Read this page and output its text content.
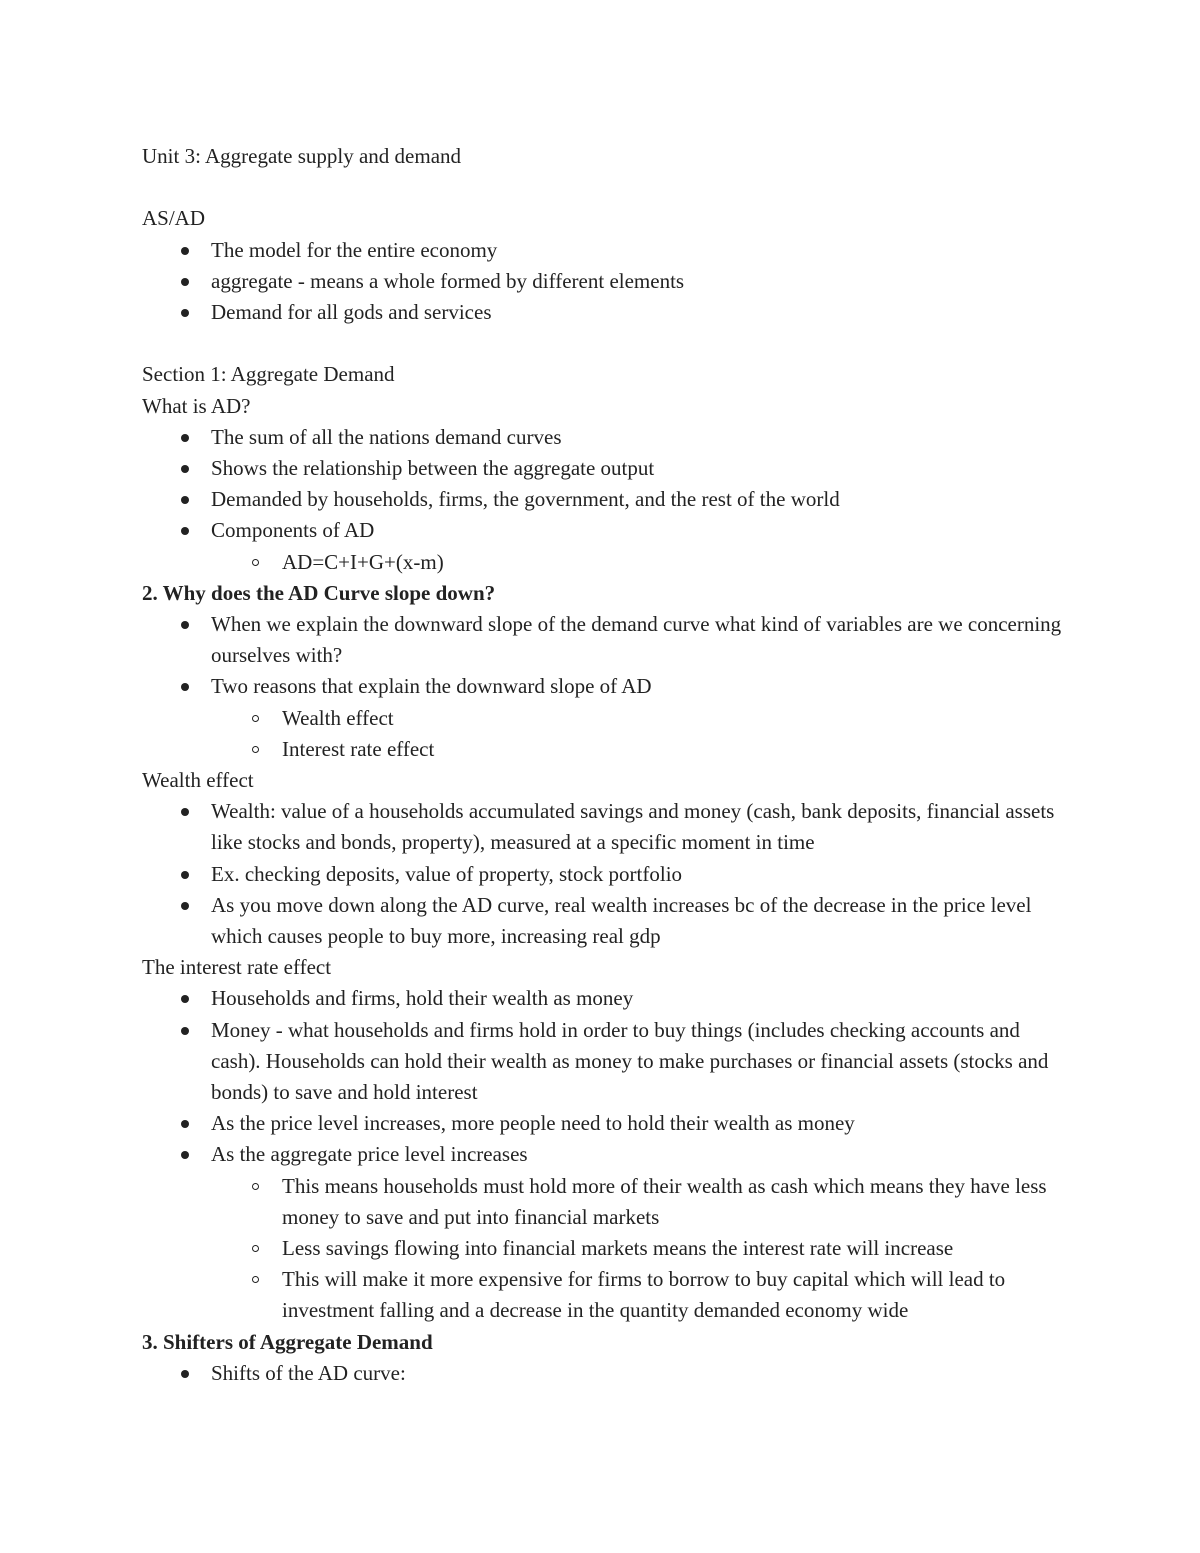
Unit 3: Aggregate supply and demand

AS/AD

The model for the entire economy
aggregate - means a whole formed by different elements
Demand for all gods and services

Section 1: Aggregate Demand

What is AD?

The sum of all the nations demand curves
Shows the relationship between the aggregate output
Demanded by households, firms, the government, and the rest of the world
Components of AD
AD=C+I+G+(x-m)

2. Why does the AD Curve slope down?

When we explain the downward slope of the demand curve what kind of variables are we concerning ourselves with?
Two reasons that explain the downward slope of AD
Wealth effect
Interest rate effect

Wealth effect

Wealth: value of a households accumulated savings and money (cash, bank deposits, financial assets like stocks and bonds, property), measured at a specific moment in time
Ex. checking deposits, value of property, stock portfolio
As you move down along the AD curve, real wealth increases bc of the decrease in the price level which causes people to buy more, increasing real gdp

The interest rate effect

Households and firms, hold their wealth as money
Money - what households and firms hold in order to buy things (includes checking accounts and cash). Households can hold their wealth as money to make purchases or financial assets (stocks and bonds) to save and hold interest
As the price level increases, more people need to hold their wealth as money
As the aggregate price level increases
This means households must hold more of their wealth as cash which means they have less money to save and put into financial markets
Less savings flowing into financial markets means the interest rate will increase
This will make it more expensive for firms to borrow to buy capital which will lead to investment falling and a decrease in the quantity demanded economy wide

3. Shifters of Aggregate Demand

Shifts of the AD curve:
